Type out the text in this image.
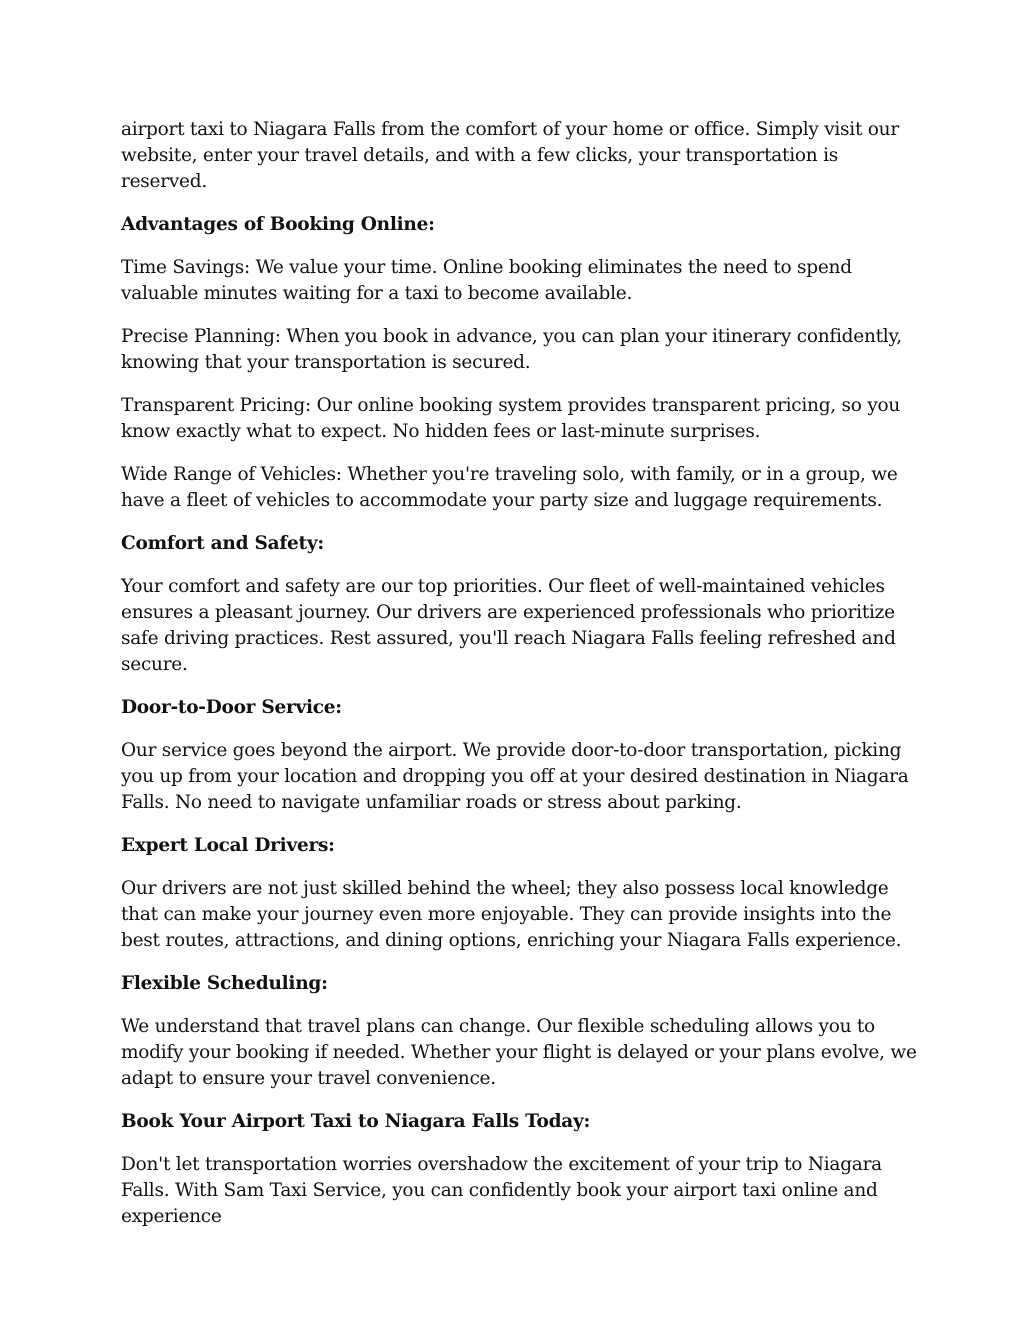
airport taxi to Niagara Falls from the comfort of your home or office. Simply visit our website, enter your travel details, and with a few clicks, your transportation is reserved.

Advantages of Booking Online:

Time Savings: We value your time. Online booking eliminates the need to spend valuable minutes waiting for a taxi to become available.

Precise Planning: When you book in advance, you can plan your itinerary confidently, knowing that your transportation is secured.

Transparent Pricing: Our online booking system provides transparent pricing, so you know exactly what to expect. No hidden fees or last-minute surprises.

Wide Range of Vehicles: Whether you're traveling solo, with family, or in a group, we have a fleet of vehicles to accommodate your party size and luggage requirements.

Comfort and Safety:

Your comfort and safety are our top priorities. Our fleet of well-maintained vehicles ensures a pleasant journey. Our drivers are experienced professionals who prioritize safe driving practices. Rest assured, you'll reach Niagara Falls feeling refreshed and secure.

Door-to-Door Service:

Our service goes beyond the airport. We provide door-to-door transportation, picking you up from your location and dropping you off at your desired destination in Niagara Falls. No need to navigate unfamiliar roads or stress about parking.

Expert Local Drivers:

Our drivers are not just skilled behind the wheel; they also possess local knowledge that can make your journey even more enjoyable. They can provide insights into the best routes, attractions, and dining options, enriching your Niagara Falls experience.

Flexible Scheduling:

We understand that travel plans can change. Our flexible scheduling allows you to modify your booking if needed. Whether your flight is delayed or your plans evolve, we adapt to ensure your travel convenience.

Book Your Airport Taxi to Niagara Falls Today:

Don't let transportation worries overshadow the excitement of your trip to Niagara Falls. With Sam Taxi Service, you can confidently book your airport taxi online and experience
